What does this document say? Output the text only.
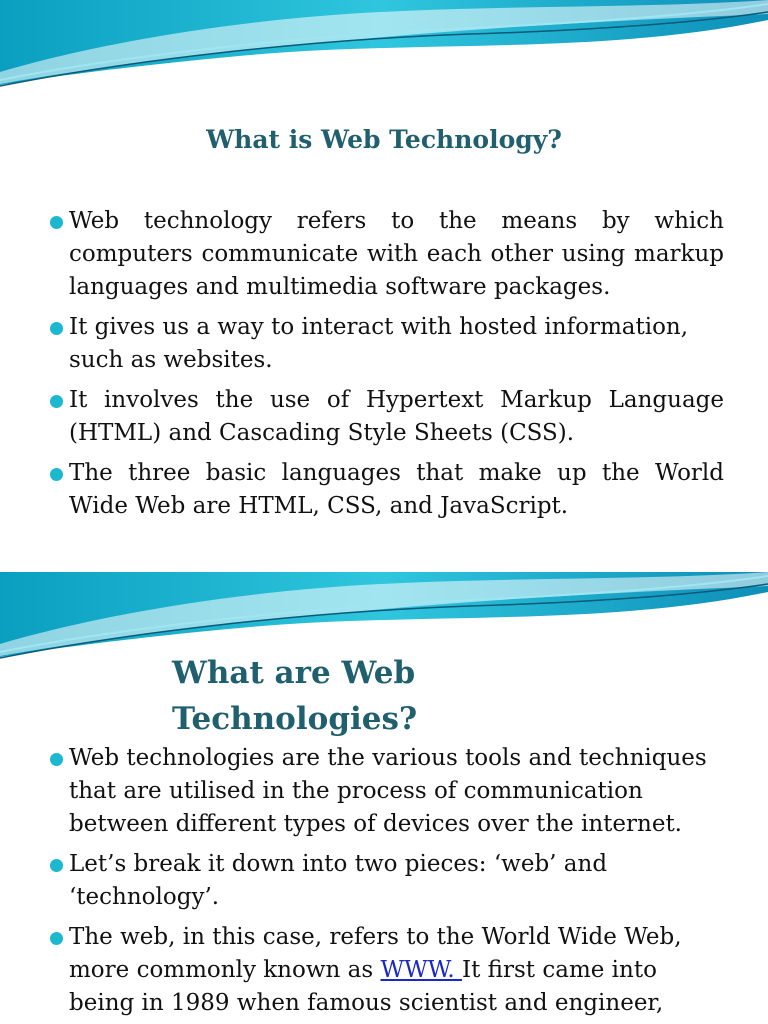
What is Web Technology?
Web technology refers to the means by which computers communicate with each other using markup languages and multimedia software packages.
It gives us a way to interact with hosted information, such as websites.
It involves the use of Hypertext Markup Language (HTML) and Cascading Style Sheets (CSS).
The three basic languages that make up the World Wide Web are HTML, CSS, and JavaScript.
What are Web Technologies?
Web technologies are the various tools and techniques that are utilised in the process of communication between different types of devices over the internet.
Let’s break it down into two pieces: ‘web’ and ‘technology’.
The web, in this case, refers to the World Wide Web, more commonly known as WWW. It first came into being in 1989 when famous scientist and engineer,
